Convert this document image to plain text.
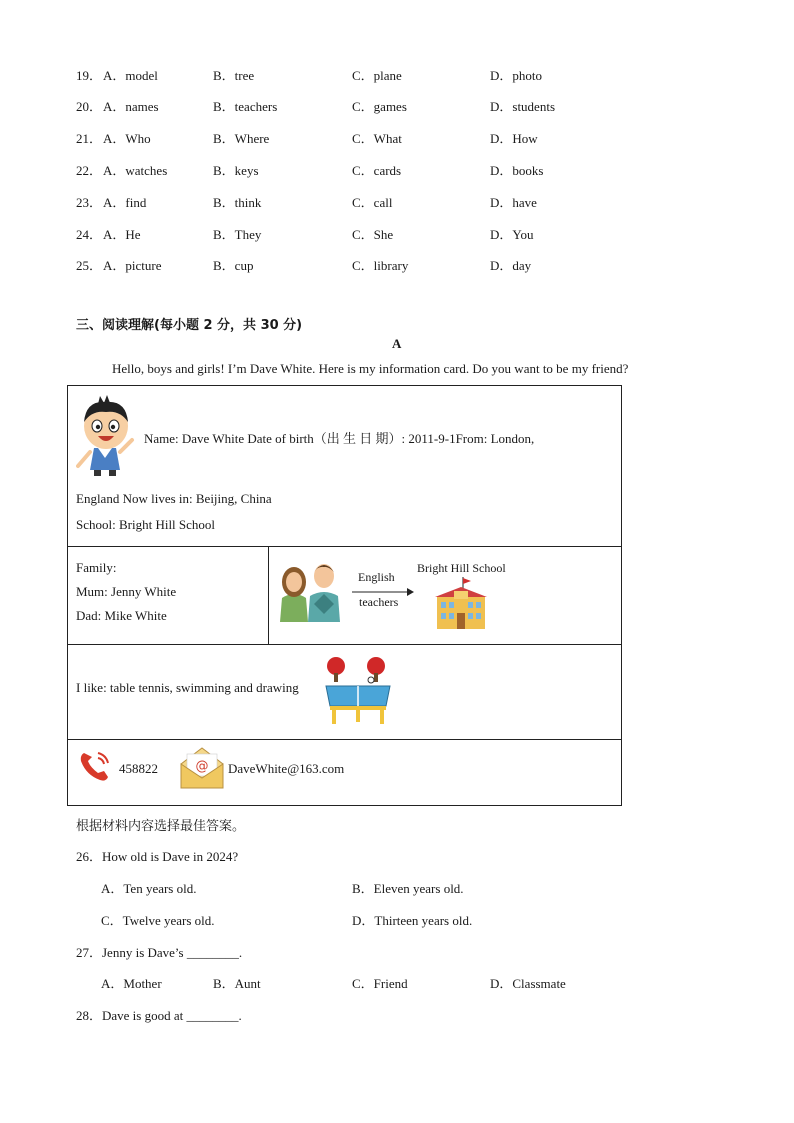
19． A．model	B．tree	C．plane	D．photo
20． A．names	B．teachers	C．games	D．students
21． A．Who	B．Where	C．What	D．How
22． A．watches	B．keys	C．cards	D．books
23． A．find	B．think	C．call	D．have
24． A．He	B．They	C．She	D．You
25． A．picture	B．cup	C．library	D．day
三、阅读理解(每小题 2 分，共 30 分)
A
Hello, boys and girls! I’m Dave White. Here is my information card. Do you want to be my friend?
Name: Dave White Date of birth（出 生 日 期）: 2011-9-1From: London,
England Now lives in: Beijing, China
School: Bright Hill School
Family:
Mum: Jenny White
Dad: Mike White
English
teachers
Bright Hill School
I like: table tennis, swimming and drawing
458822	@ DaveWhite@163.com
根据材料内容选择最佳答案。
26．How old is Dave in 2024?
A．Ten years old.	B．Eleven years old.
C．Twelve years old.	D．Thirteen years old.
27．Jenny is Dave’s ________.
A．Mother	B．Aunt	C．Friend	D．Classmate
28．Dave is good at ________.
